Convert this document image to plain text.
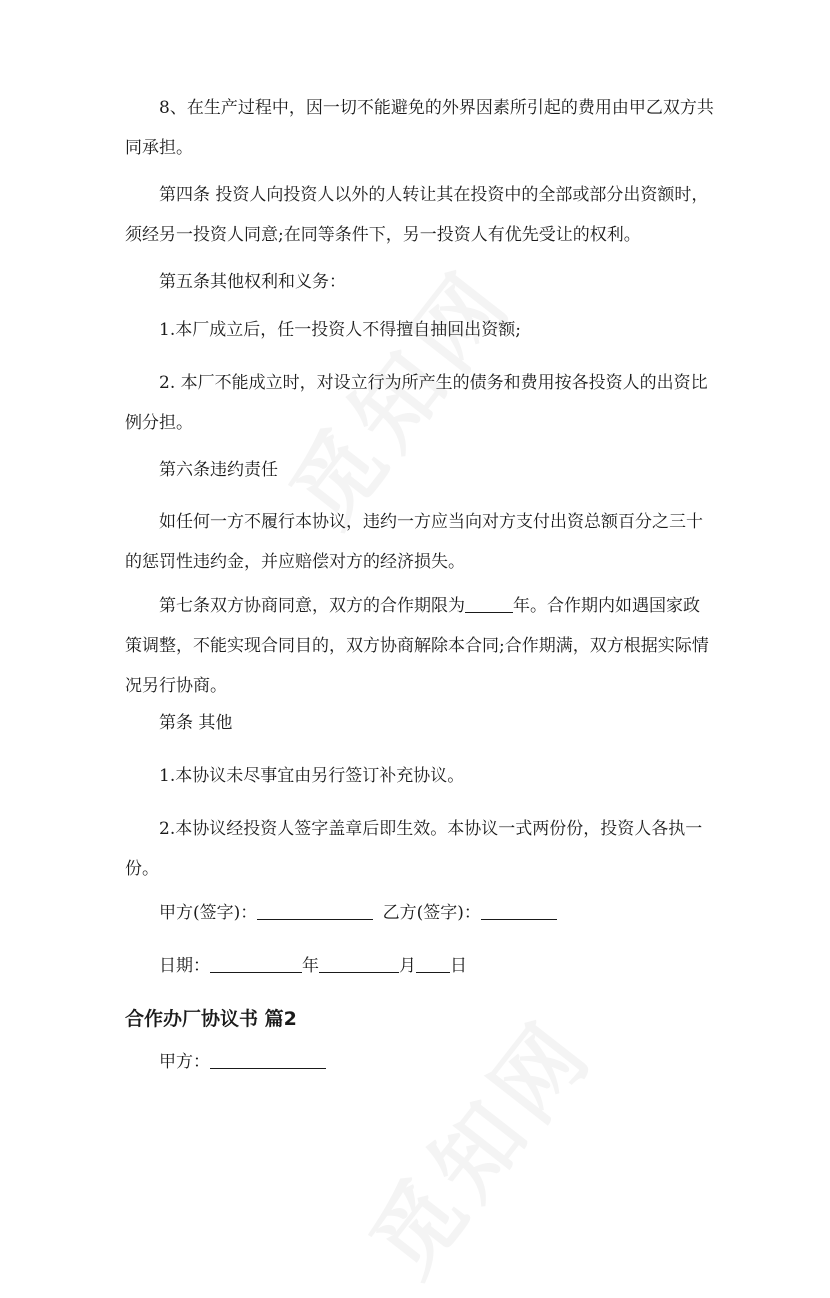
8、在生产过程中，因一切不能避免的外界因素所引起的费用由甲乙双方共
同承担。
第四条 投资人向投资人以外的人转让其在投资中的全部或部分出资额时，
须经另一投资人同意;在同等条件下，另一投资人有优先受让的权利。
第五条其他权利和义务：
1.本厂成立后，任一投资人不得擅自抽回出资额;
2. 本厂不能成立时，对设立行为所产生的债务和费用按各投资人的出资比
例分担。
第六条违约责任
如任何一方不履行本协议，违约一方应当向对方支付出资总额百分之三十
的惩罚性违约金，并应赔偿对方的经济损失。
第七条双方协商同意，双方的合作期限为	年。合作期内如遇国家政
策调整，不能实现合同目的，双方协商解除本合同;合作期满，双方根据实际情
况另行协商。
第条 其他
1.本协议未尽事宜由另行签订补充协议。
2.本协议经投资人签字盖章后即生效。本协议一式两份份，投资人各执一
份。
甲方(签字)：	乙方(签字)：
日期：	年	月 日
合作办厂协议书 篇2
甲方：
